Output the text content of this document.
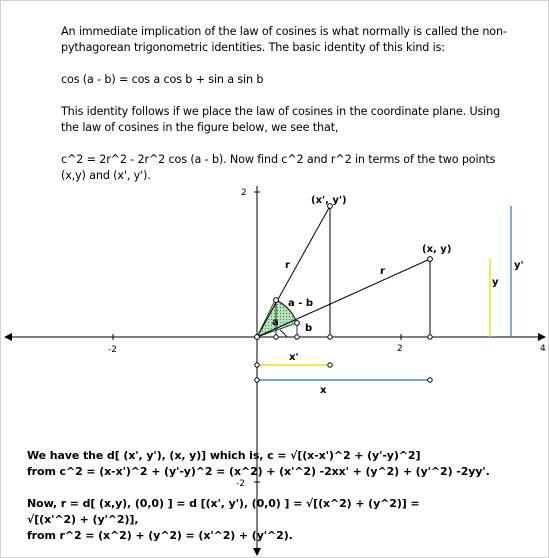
An immediate implication of the law of cosines is what normally is called the non-pythagorean trigonometric identities. The basic identity of this kind is:

cos (a - b) = cos a cos b + sin a sin b

This identity follows if we place the law of cosines in the coordinate plane. Using the law of cosines in the figure below, we see that,

c^2 = 2r^2 - 2r^2 cos (a - b). Now find c^2 and r^2 in terms of the two points (x,y) and (x', y').

-2	2	4
2
-2
(x', y')
(x, y)
r
r
a - b
a
b
y'
y
x'
x

We have the d[ (x', y'), (x, y)] which is, c = √[(x-x')^2 + (y'-y)^2]

from c^2 = (x-x')^2 + (y'-y)^2 = (x^2) + (x'^2) -2xx' + (y^2) + (y'^2) -2yy'.

Now, r = d[ (x,y), (0,0) ] = d [(x', y'), (0,0) ] = √[(x^2) + (y^2)] =

√[(x'^2) + (y'^2)],

from r^2 = (x^2) + (y^2) = (x'^2) + (y'^2).
